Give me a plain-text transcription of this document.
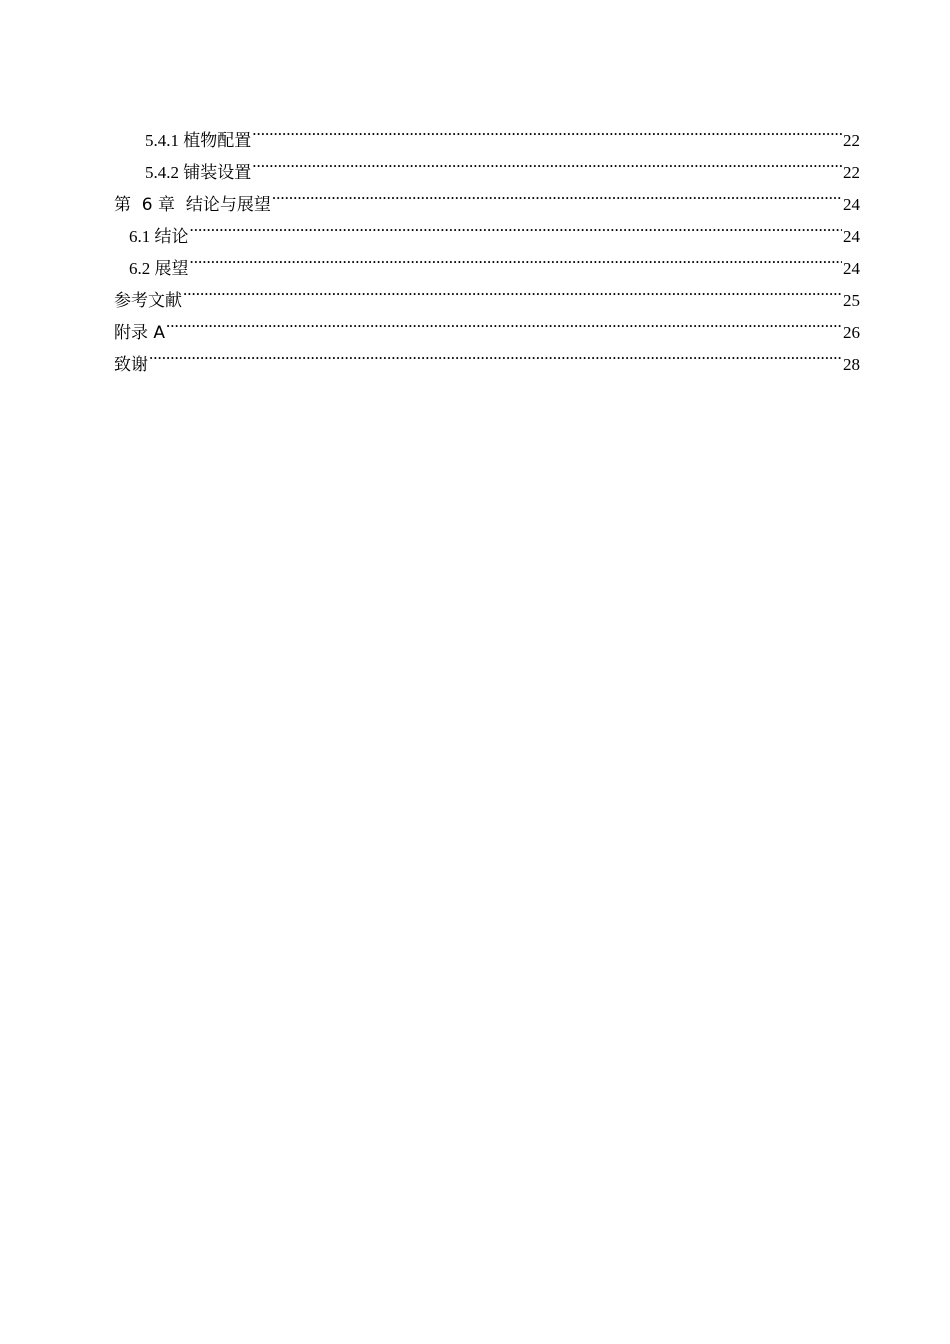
5.4.1 植物配置 .....	22
5.4.2 铺装设置 .....	22
第  6 章  结论与展望 .....	24
6.1 结论 .....	24
6.2 展望 .....	24
参考文献 .....	25
附录 A .....	26
致谢 .....	28
